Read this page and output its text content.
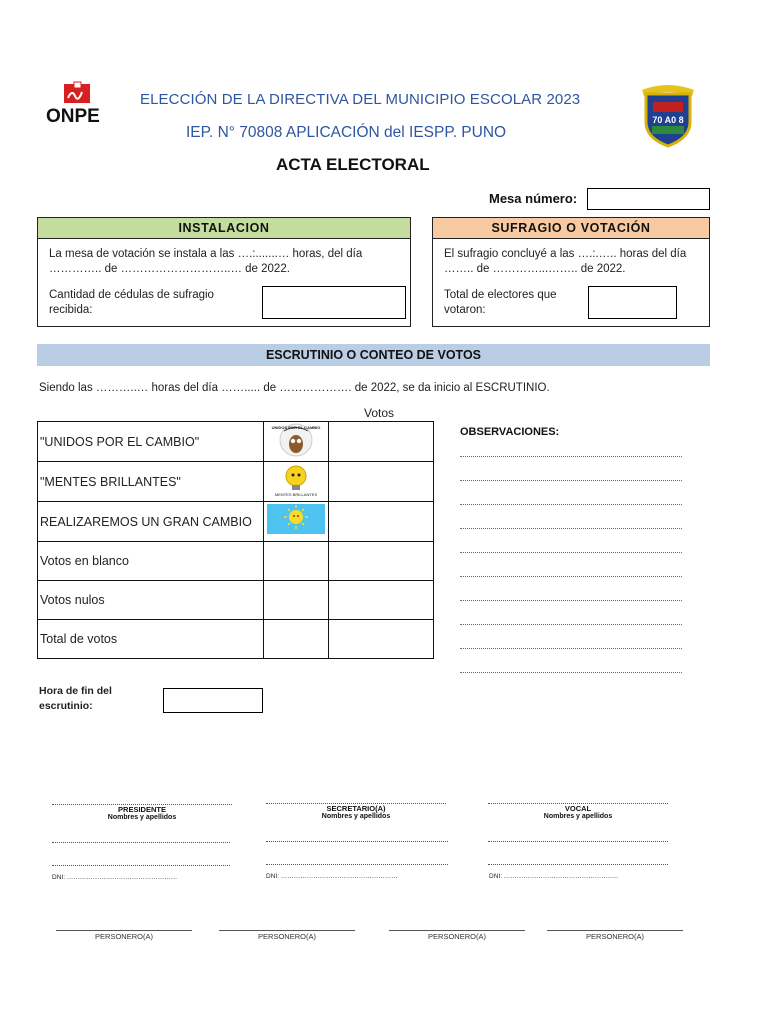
ONPE
ELECCIÓN DE LA DIRECTIVA DEL MUNICIPIO ESCOLAR 2023
IEP. N° 70808 APLICACIÓN del IESPP. PUNO
ACTA ELECTORAL
70 A0 8
Mesa número:
INSTALACION
La mesa de votación se instala a las ….:.......… horas, del día ………….. de ………………………..… de 2022.
Cantidad de cédulas de sufragio recibida:
SUFRAGIO O VOTACIÓN
El sufragio concluyé a las ….:.….. horas del día …….. de …………...…….. de 2022.
Total de electores que votaron:
ESCRUTINIO O CONTEO DE VOTOS
Siendo las ………..… horas del día ……..... de ………………. de 2022, se da inicio al ESCRUTINIO.
Votos
"UNIDOS POR EL CAMBIO"	UNIDOS POR EL CAMBIO	

"MENTES BRILLANTES"	MENTES BRILLANTES	

REALIZAREMOS UN GRAN CAMBIO		
Votos en blanco		
Votos nulos		
Total de votos		
OBSERVACIONES:
Hora de fin del escrutinio:
PRESIDENTE
Nombres y apellidos
SECRETARIO(A)
Nombres y apellidos
VOCAL
Nombres y apellidos
DNI: ……………………………………………	DNI: ………………………………………………	DNI: ……………………………………………..
PERSONERO(A)	PERSONERO(A)	PERSONERO(A)	PERSONERO(A)
